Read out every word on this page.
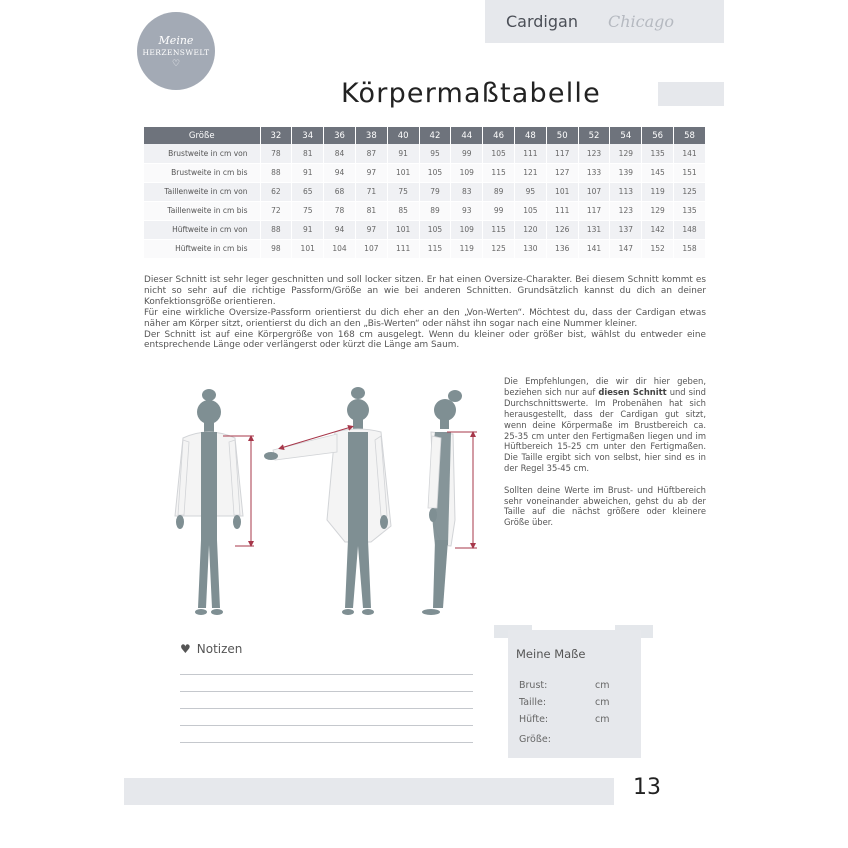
Meine
HERZENSWELT
♡
Cardigan Chicago
Körpermaßtabelle
Größe	32	34	36	38	40	42	44	46	48	50	52	54	56	58
Brustweite in cm von	78	81	84	87	91	95	99	105	111	117	123	129	135	141
Brustweite in cm bis	88	91	94	97	101	105	109	115	121	127	133	139	145	151
Taillenweite in cm von	62	65	68	71	75	79	83	89	95	101	107	113	119	125
Taillenweite in cm bis	72	75	78	81	85	89	93	99	105	111	117	123	129	135
Hüftweite in cm von	88	91	94	97	101	105	109	115	120	126	131	137	142	148
Hüftweite in cm bis	98	101	104	107	111	115	119	125	130	136	141	147	152	158

Dieser Schnitt ist sehr leger geschnitten und soll locker sitzen. Er hat einen Oversize-Charakter. Bei diesem Schnitt kommt es nicht so sehr auf die richtige Passform/Größe an wie bei anderen Schnitten. Grundsätzlich kannst du dich an deiner Konfektionsgröße orientieren.

Für eine wirkliche Oversize-Passform orientierst du dich eher an den „Von-Werten“. Möchtest du, dass der Cardigan etwas näher am Körper sitzt, orientierst du dich an den „Bis-Werten“ oder nähst ihn sogar nach eine Nummer kleiner.

Der Schnitt ist auf eine Körpergröße von 168 cm ausgelegt. Wenn du kleiner oder größer bist, wählst du entweder eine entsprechende Länge oder verlängerst oder kürzt die Länge am Saum.

Die Empfehlungen, die wir dir hier geben, beziehen sich nur auf diesen Schnitt und sind Durchschnittswerte. Im Probenähen hat sich herausgestellt, dass der Cardigan gut sitzt, wenn deine Körpermaße im Brustbereich ca. 25-35 cm unter den Fertigmaßen liegen und im Hüftbereich 15-25 cm unter den Fertigmaßen. Die Taille ergibt sich von selbst, hier sind es in der Regel 35-45 cm.

Sollten deine Werte im Brust- und Hüftbereich sehr voneinander abweichen, gehst du ab der Taille auf die nächst größere oder kleinere Größe über.

♥ Notizen	Meine Maße
Brust:	cm
Taille:	cm
Hüfte:	cm
Größe:
13
